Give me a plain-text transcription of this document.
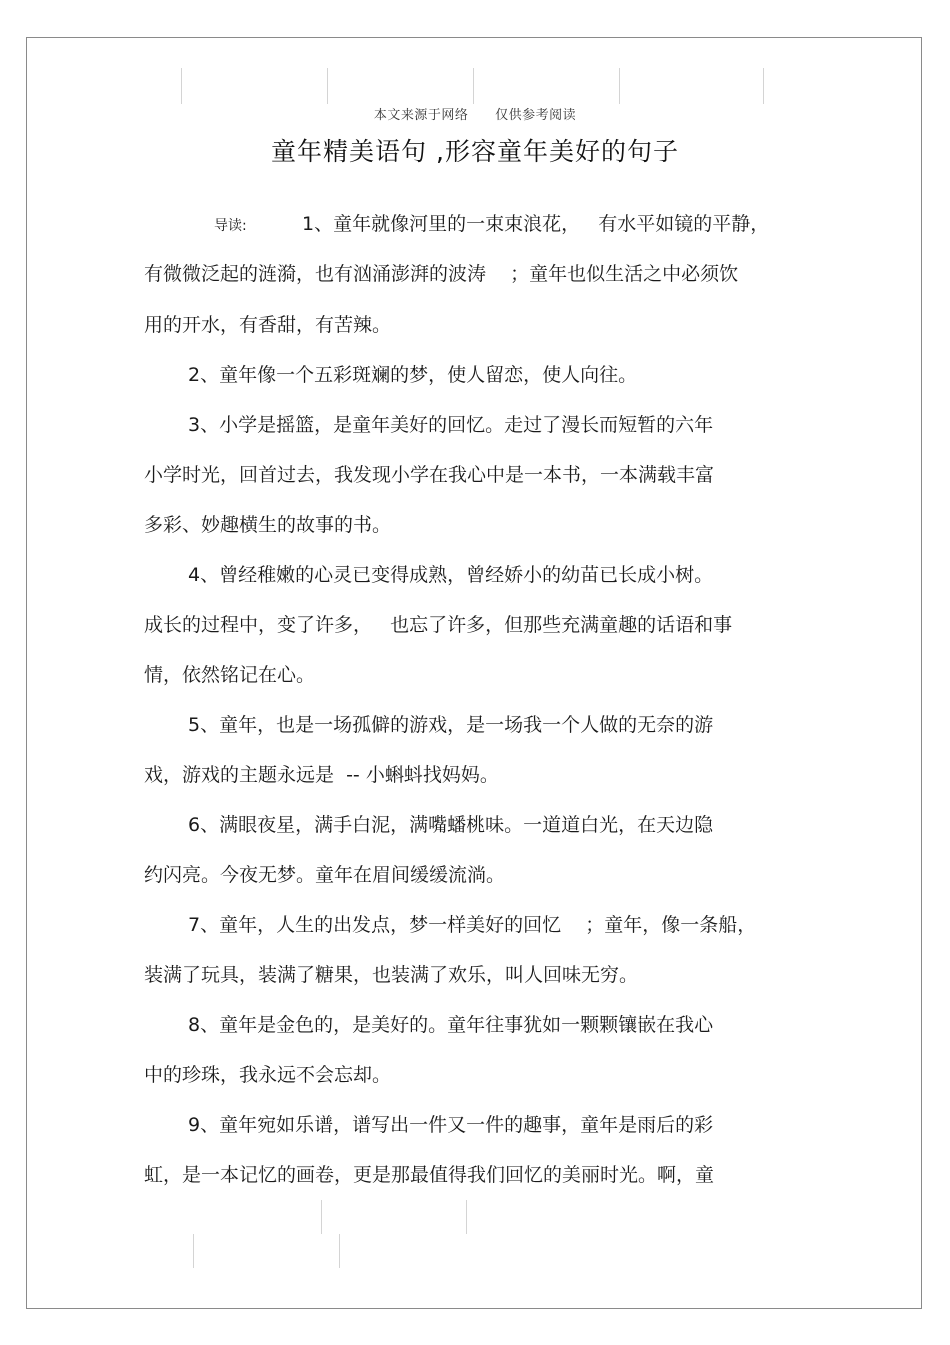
本文来源于网络 仅供参考阅读
童年精美语句 ,形容童年美好的句子
导读:	1、童年就像河里的一束束浪花，   有水平如镜的平静，
有微微泛起的涟漪，也有汹涌澎湃的波涛    ；童年也似生活之中必须饮
用的开水，有香甜，有苦辣。
2、童年像一个五彩斑斓的梦，使人留恋，使人向往。
3、小学是摇篮，是童年美好的回忆。走过了漫长而短暂的六年
小学时光，回首过去，我发现小学在我心中是一本书，一本满载丰富
多彩、妙趣横生的故事的书。
4、曾经稚嫩的心灵已变得成熟，曾经娇小的幼苗已长成小树。
成长的过程中，变了许多，   也忘了许多，但那些充满童趣的话语和事
情，依然铭记在心。
5、童年，也是一场孤僻的游戏，是一场我一个人做的无奈的游
戏，游戏的主题永远是  -- 小蝌蚪找妈妈。
6、满眼夜星，满手白泥，满嘴蟠桃味。一道道白光，在天边隐
约闪亮。今夜无梦。童年在眉间缓缓流淌。
7、童年，人生的出发点，梦一样美好的回忆    ；童年，像一条船，
装满了玩具，装满了糖果，也装满了欢乐，叫人回味无穷。
8、童年是金色的，是美好的。童年往事犹如一颗颗镶嵌在我心
中的珍珠，我永远不会忘却。
9、童年宛如乐谱，谱写出一件又一件的趣事，童年是雨后的彩
虹，是一本记忆的画卷，更是那最值得我们回忆的美丽时光。啊，童
